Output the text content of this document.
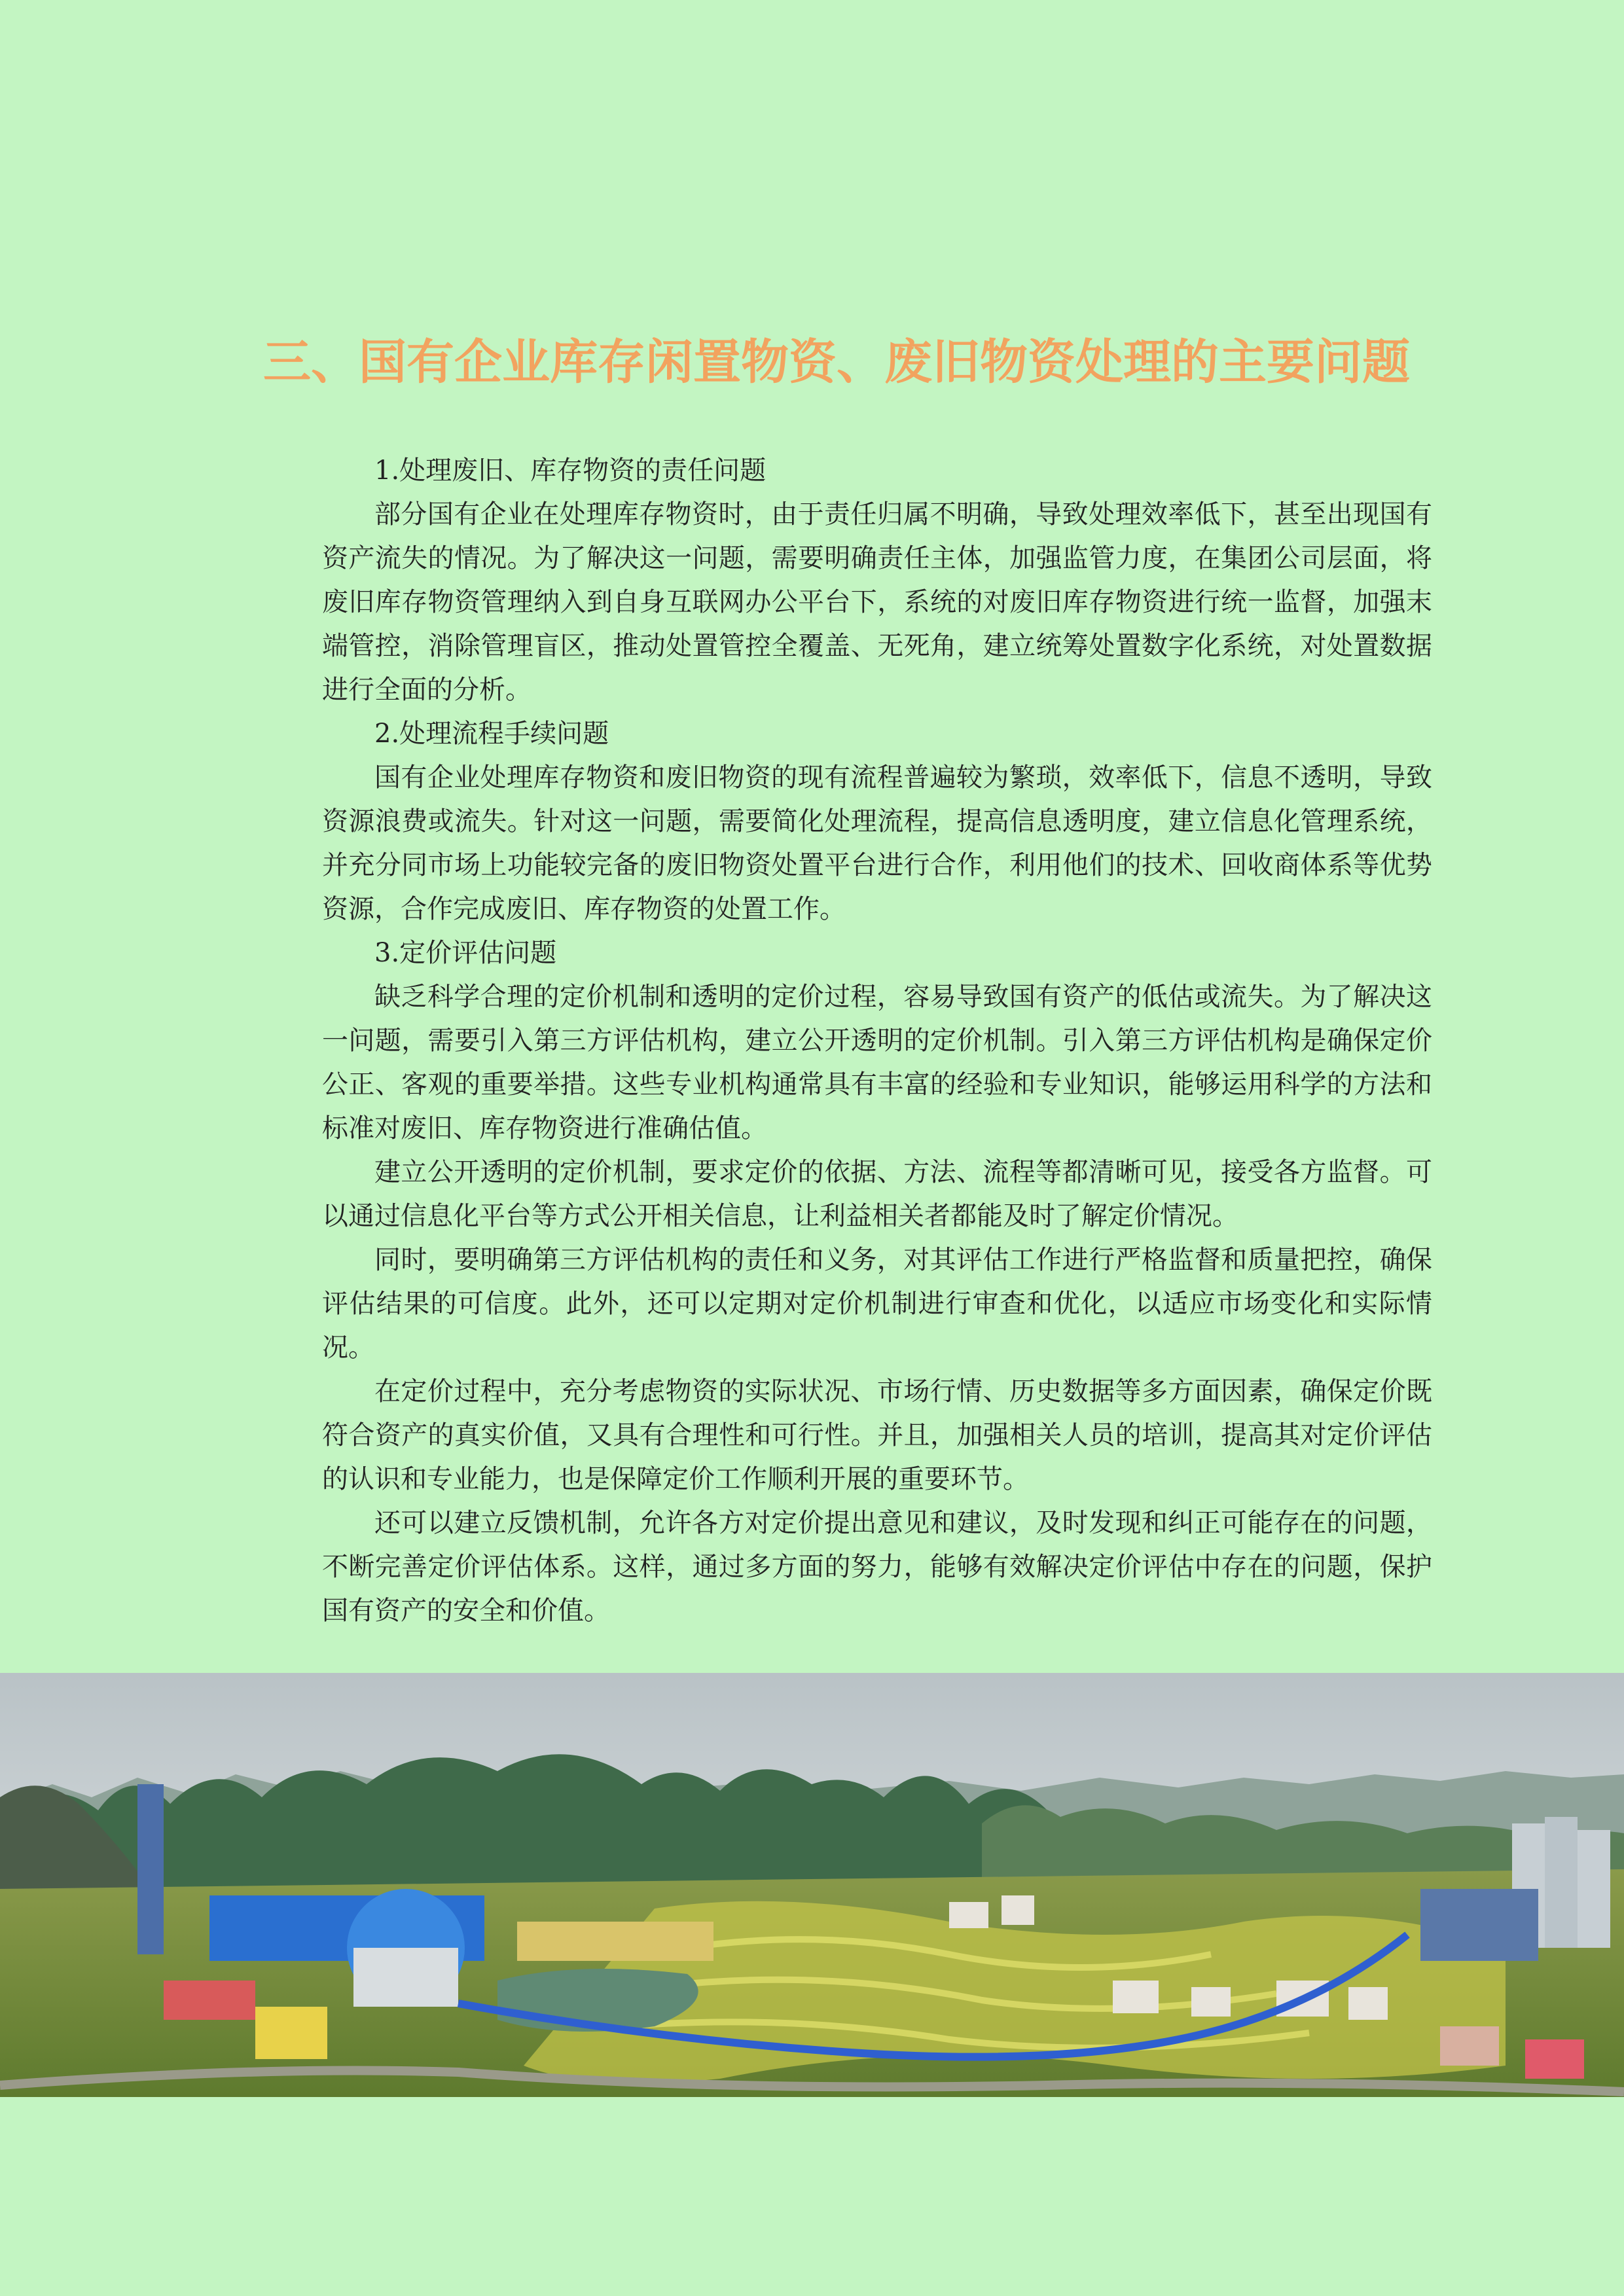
三、国有企业库存闲置物资、废旧物资处理的主要问题

1.处理废旧、库存物资的责任问题

部分国有企业在处理库存物资时，由于责任归属不明确，导致处理效率低下，甚至出现国有资产流失的情况。为了解决这一问题，需要明确责任主体，加强监管力度，在集团公司层面，将废旧库存物资管理纳入到自身互联网办公平台下，系统的对废旧库存物资进行统一监督，加强末端管控，消除管理盲区，推动处置管控全覆盖、无死角，建立统筹处置数字化系统，对处置数据进行全面的分析。

2.处理流程手续问题

国有企业处理库存物资和废旧物资的现有流程普遍较为繁琐，效率低下，信息不透明，导致资源浪费或流失。针对这一问题，需要简化处理流程，提高信息透明度，建立信息化管理系统，并充分同市场上功能较完备的废旧物资处置平台进行合作，利用他们的技术、回收商体系等优势资源，合作完成废旧、库存物资的处置工作。

3.定价评估问题

缺乏科学合理的定价机制和透明的定价过程，容易导致国有资产的低估或流失。为了解决这一问题，需要引入第三方评估机构，建立公开透明的定价机制。引入第三方评估机构是确保定价公正、客观的重要举措。这些专业机构通常具有丰富的经验和专业知识，能够运用科学的方法和标准对废旧、库存物资进行准确估值。

建立公开透明的定价机制，要求定价的依据、方法、流程等都清晰可见，接受各方监督。可以通过信息化平台等方式公开相关信息，让利益相关者都能及时了解定价情况。

同时，要明确第三方评估机构的责任和义务，对其评估工作进行严格监督和质量把控，确保评估结果的可信度。此外，还可以定期对定价机制进行审查和优化，以适应市场变化和实际情况。

在定价过程中，充分考虑物资的实际状况、市场行情、历史数据等多方面因素，确保定价既符合资产的真实价值，又具有合理性和可行性。并且，加强相关人员的培训，提高其对定价评估的认识和专业能力，也是保障定价工作顺利开展的重要环节。

还可以建立反馈机制，允许各方对定价提出意见和建议，及时发现和纠正可能存在的问题，不断完善定价评估体系。这样，通过多方面的努力，能够有效解决定价评估中存在的问题，保护国有资产的安全和价值。
